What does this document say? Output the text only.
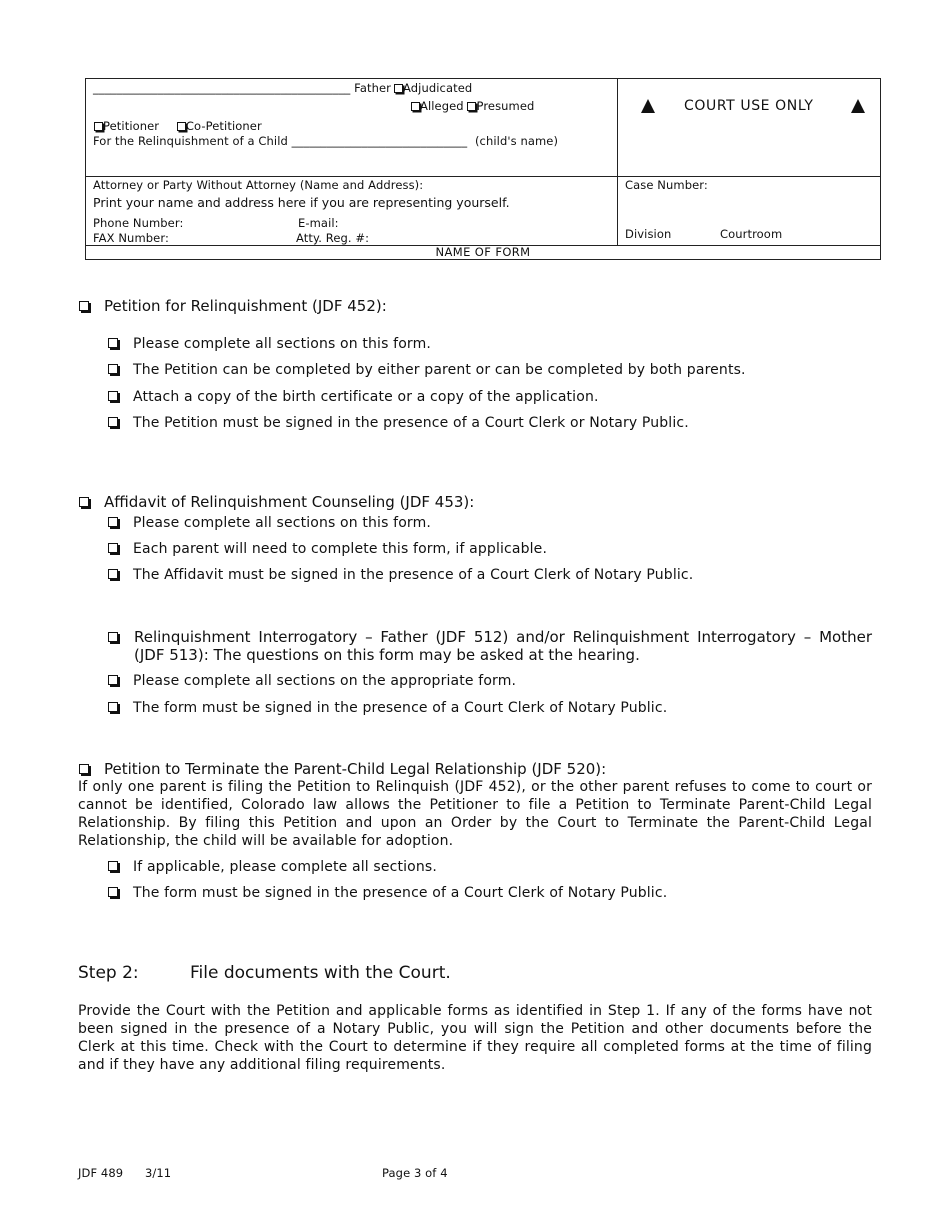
____________________________________________ Father Adjudicated
Alleged Presumed
Petitioner Co-Petitioner
For the Relinquishment of a Child ______________________________ (child's name)
COURT USE ONLY
Attorney or Party Without Attorney (Name and Address):
Print your name and address here if you are representing yourself.
Phone Number:	E-mail:
FAX Number:	Atty. Reg. #:
Case Number:
Division	Courtroom
NAME OF FORM
Petition for Relinquishment (JDF 452):
Please complete all sections on this form.
The Petition can be completed by either parent or can be completed by both parents.
Attach a copy of the birth certificate or a copy of the application.
The Petition must be signed in the presence of a Court Clerk or Notary Public.
Affidavit of Relinquishment Counseling (JDF 453):
Please complete all sections on this form.
Each parent will need to complete this form, if applicable.
The Affidavit must be signed in the presence of a Court Clerk of Notary Public.
Relinquishment Interrogatory – Father (JDF 512) and/or Relinquishment Interrogatory – Mother (JDF 513): The questions on this form may be asked at the hearing.
Please complete all sections on the appropriate form.
The form must be signed in the presence of a Court Clerk of Notary Public.
Petition to Terminate the Parent-Child Legal Relationship (JDF 520):
If only one parent is filing the Petition to Relinquish (JDF 452), or the other parent refuses to come to court or cannot be identified, Colorado law allows the Petitioner to file a Petition to Terminate Parent-Child Legal Relationship. By filing this Petition and upon an Order by the Court to Terminate the Parent-Child Legal Relationship, the child will be available for adoption.
If applicable, please complete all sections.
The form must be signed in the presence of a Court Clerk of Notary Public.
Step 2:	File documents with the Court.
Provide the Court with the Petition and applicable forms as identified in Step 1. If any of the forms have not been signed in the presence of a Notary Public, you will sign the Petition and other documents before the Clerk at this time. Check with the Court to determine if they require all completed forms at the time of filing and if they have any additional filing requirements.
JDF 489 3/11	Page 3 of 4
